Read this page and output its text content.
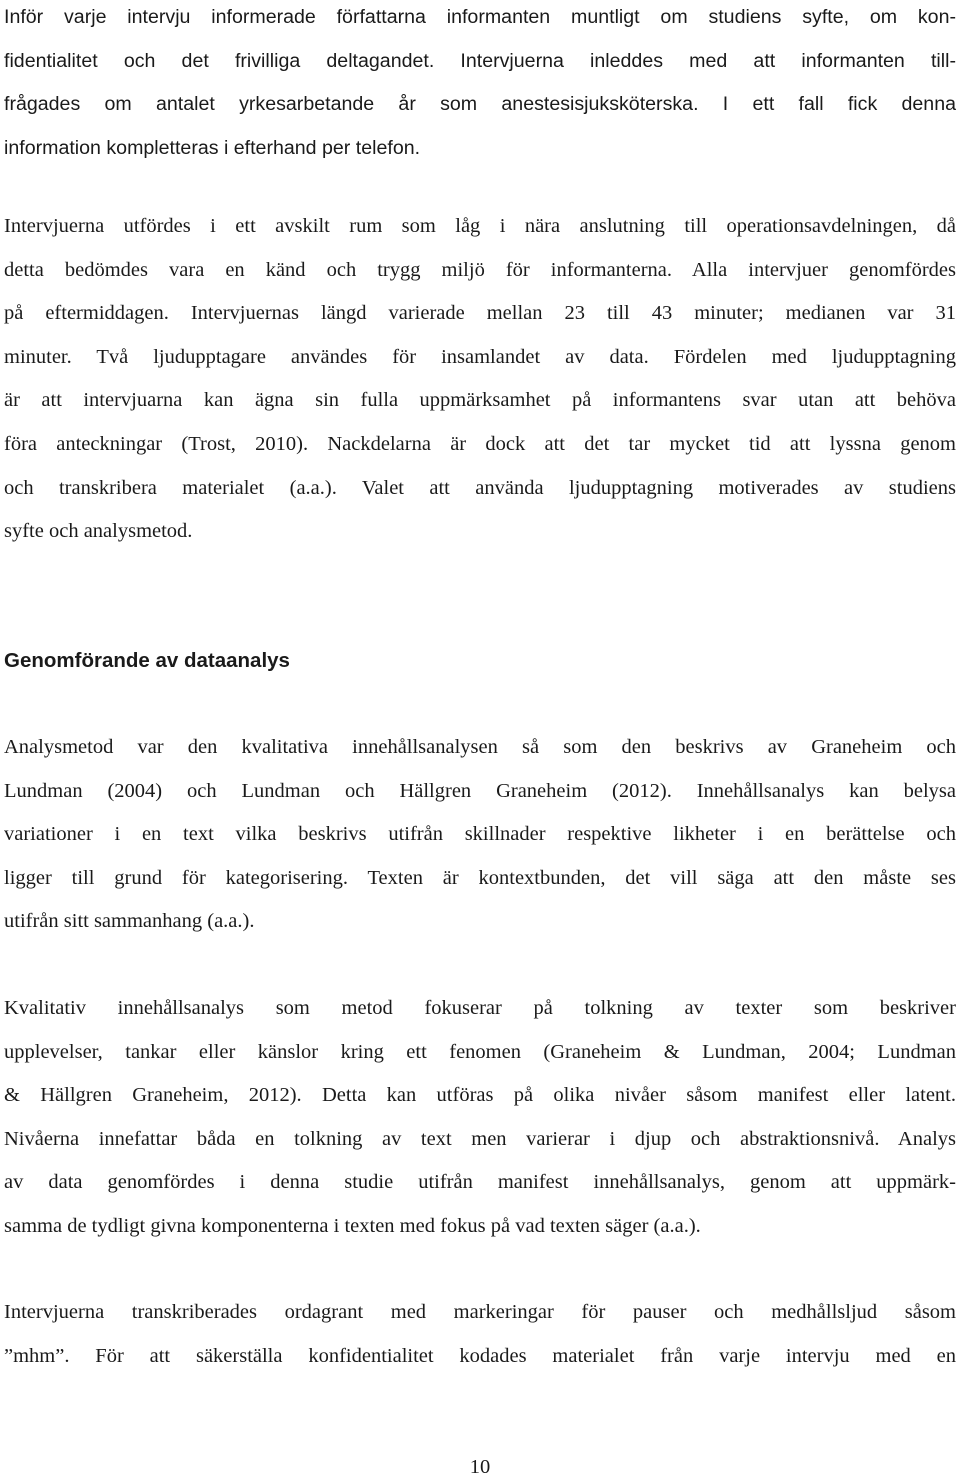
Inför varje intervju informerade författarna informanten muntligt om studiens syfte, om kon-
fidentialitet och det frivilliga deltagandet. Intervjuerna inleddes med att informanten till-
frågades om antalet yrkesarbetande år som anestesisjuksköterska. I ett fall fick denna
information kompletteras i efterhand per telefon.

Intervjuerna utfördes i ett avskilt rum som låg i nära anslutning till operationsavdelningen, då
detta bedömdes vara en känd och trygg miljö för informanterna. Alla intervjuer genomfördes
på eftermiddagen. Intervjuernas längd varierade mellan 23 till 43 minuter; medianen var 31
minuter. Två ljudupptagare användes för insamlandet av data. Fördelen med ljudupptagning
är att intervjuarna kan ägna sin fulla uppmärksamhet på informantens svar utan att behöva
föra anteckningar (Trost, 2010). Nackdelarna är dock att det tar mycket tid att lyssna genom
och transkribera materialet (a.a.). Valet att använda ljudupptagning motiverades av studiens
syfte och analysmetod.

Genomförande av dataanalys

Analysmetod var den kvalitativa innehållsanalysen så som den beskrivs av Graneheim och
Lundman (2004) och Lundman och Hällgren Graneheim (2012). Innehållsanalys kan belysa
variationer i en text vilka beskrivs utifrån skillnader respektive likheter i en berättelse och
ligger till grund för kategorisering. Texten är kontextbunden, det vill säga att den måste ses
utifrån sitt sammanhang (a.a.).

Kvalitativ innehållsanalys som metod fokuserar på tolkning av texter som beskriver
upplevelser, tankar eller känslor kring ett fenomen (Graneheim & Lundman, 2004; Lundman
& Hällgren Graneheim, 2012). Detta kan utföras på olika nivåer såsom manifest eller latent.
Nivåerna innefattar båda en tolkning av text men varierar i djup och abstraktionsnivå. Analys
av data genomfördes i denna studie utifrån manifest innehållsanalys, genom att uppmärk-
samma de tydligt givna komponenterna i texten med fokus på vad texten säger (a.a.).

Intervjuerna transkriberades ordagrant med markeringar för pauser och medhållsljud såsom
”mhm”. För att säkerställa konfidentialitet kodades materialet från varje intervju med en

10
